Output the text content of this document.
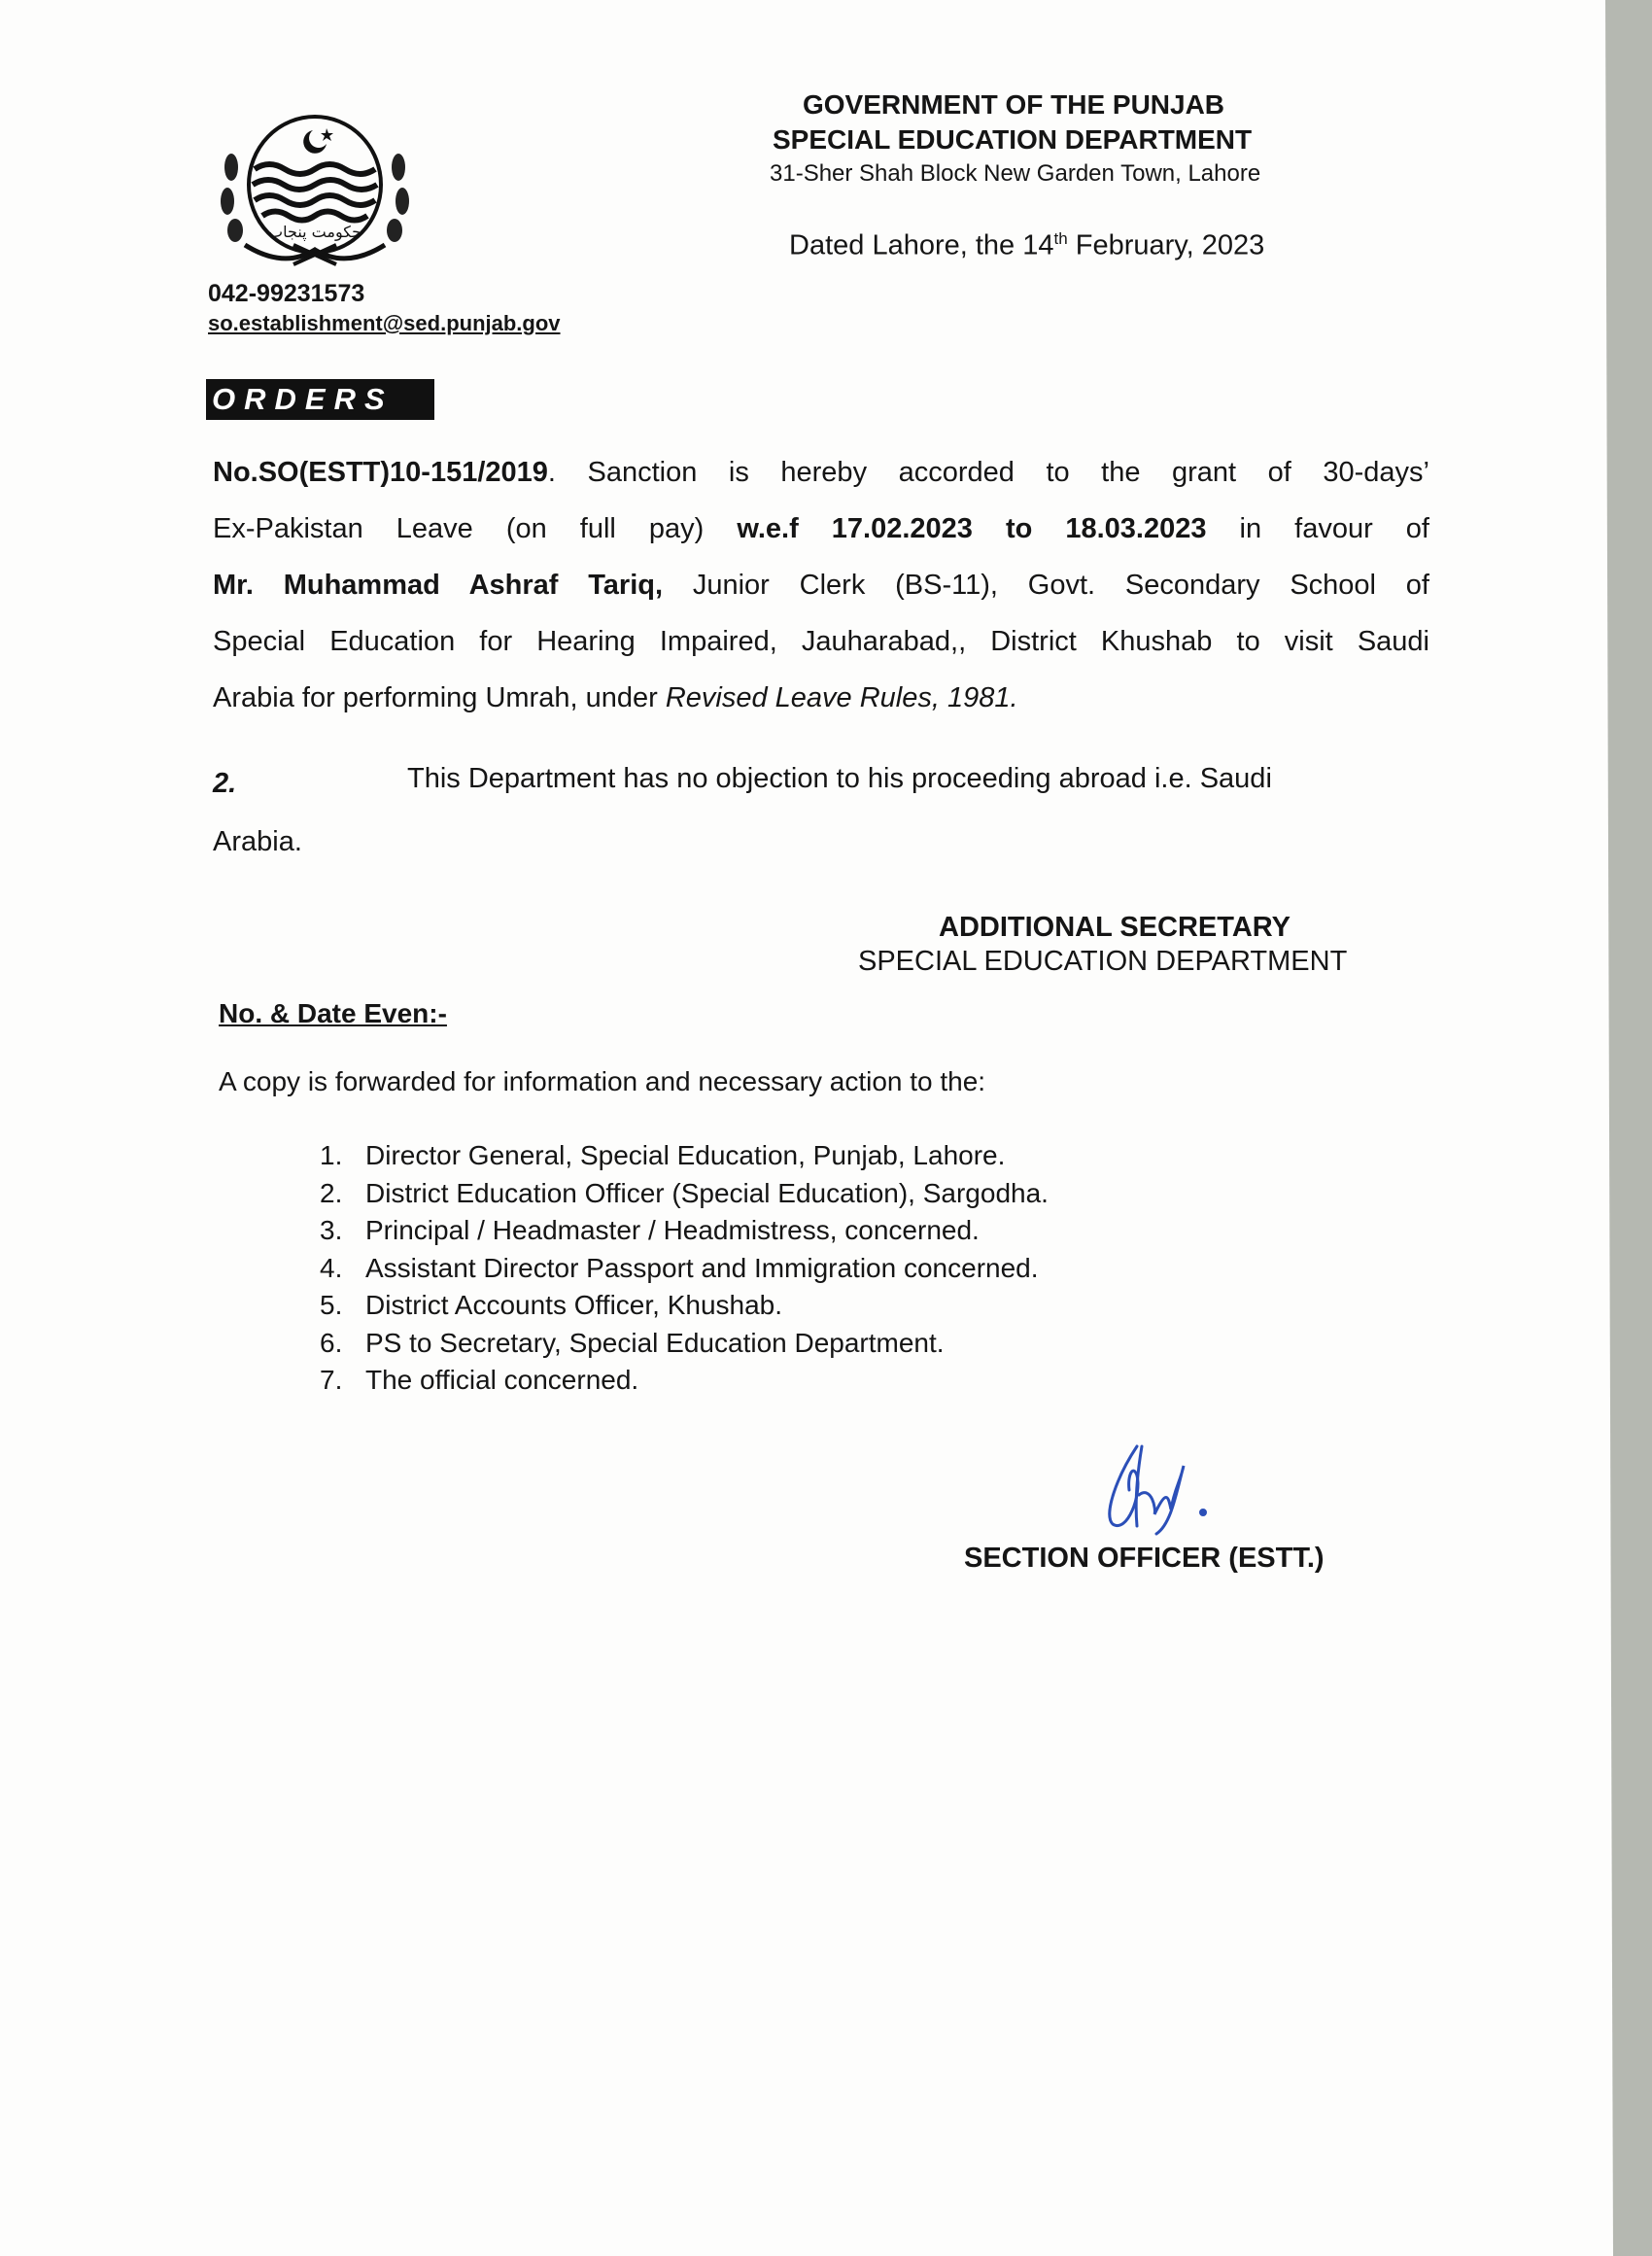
حکومت پنجاب
042-99231573
so.establishment@sed.punjab.gov
GOVERNMENT OF THE PUNJAB
SPECIAL EDUCATION DEPARTMENT
31-Sher Shah Block New Garden Town, Lahore
Dated Lahore, the 14th February, 2023
ORDERS
No.SO(ESTT)10-151/2019. Sanction is hereby accorded to the grant of 30-days’
Ex-Pakistan Leave (on full pay) w.e.f 17.02.2023 to 18.03.2023 in favour of
Mr. Muhammad Ashraf Tariq, Junior Clerk (BS-11), Govt. Secondary School of
Special Education for Hearing Impaired, Jauharabad,, District Khushab to visit Saudi
Arabia for performing Umrah, under Revised Leave Rules, 1981.
2.	This Department has no objection to his proceeding abroad i.e. Saudi
Arabia.
ADDITIONAL SECRETARY
SPECIAL EDUCATION DEPARTMENT
No. & Date Even:-
A copy is forwarded for information and necessary action to the:
1. Director General, Special Education, Punjab, Lahore.
2. District Education Officer (Special Education), Sargodha.
3. Principal / Headmaster / Headmistress, concerned.
4. Assistant Director Passport and Immigration concerned.
5. District Accounts Officer, Khushab.
6. PS to Secretary, Special Education Department.
7. The official concerned.
SECTION OFFICER (ESTT.)
